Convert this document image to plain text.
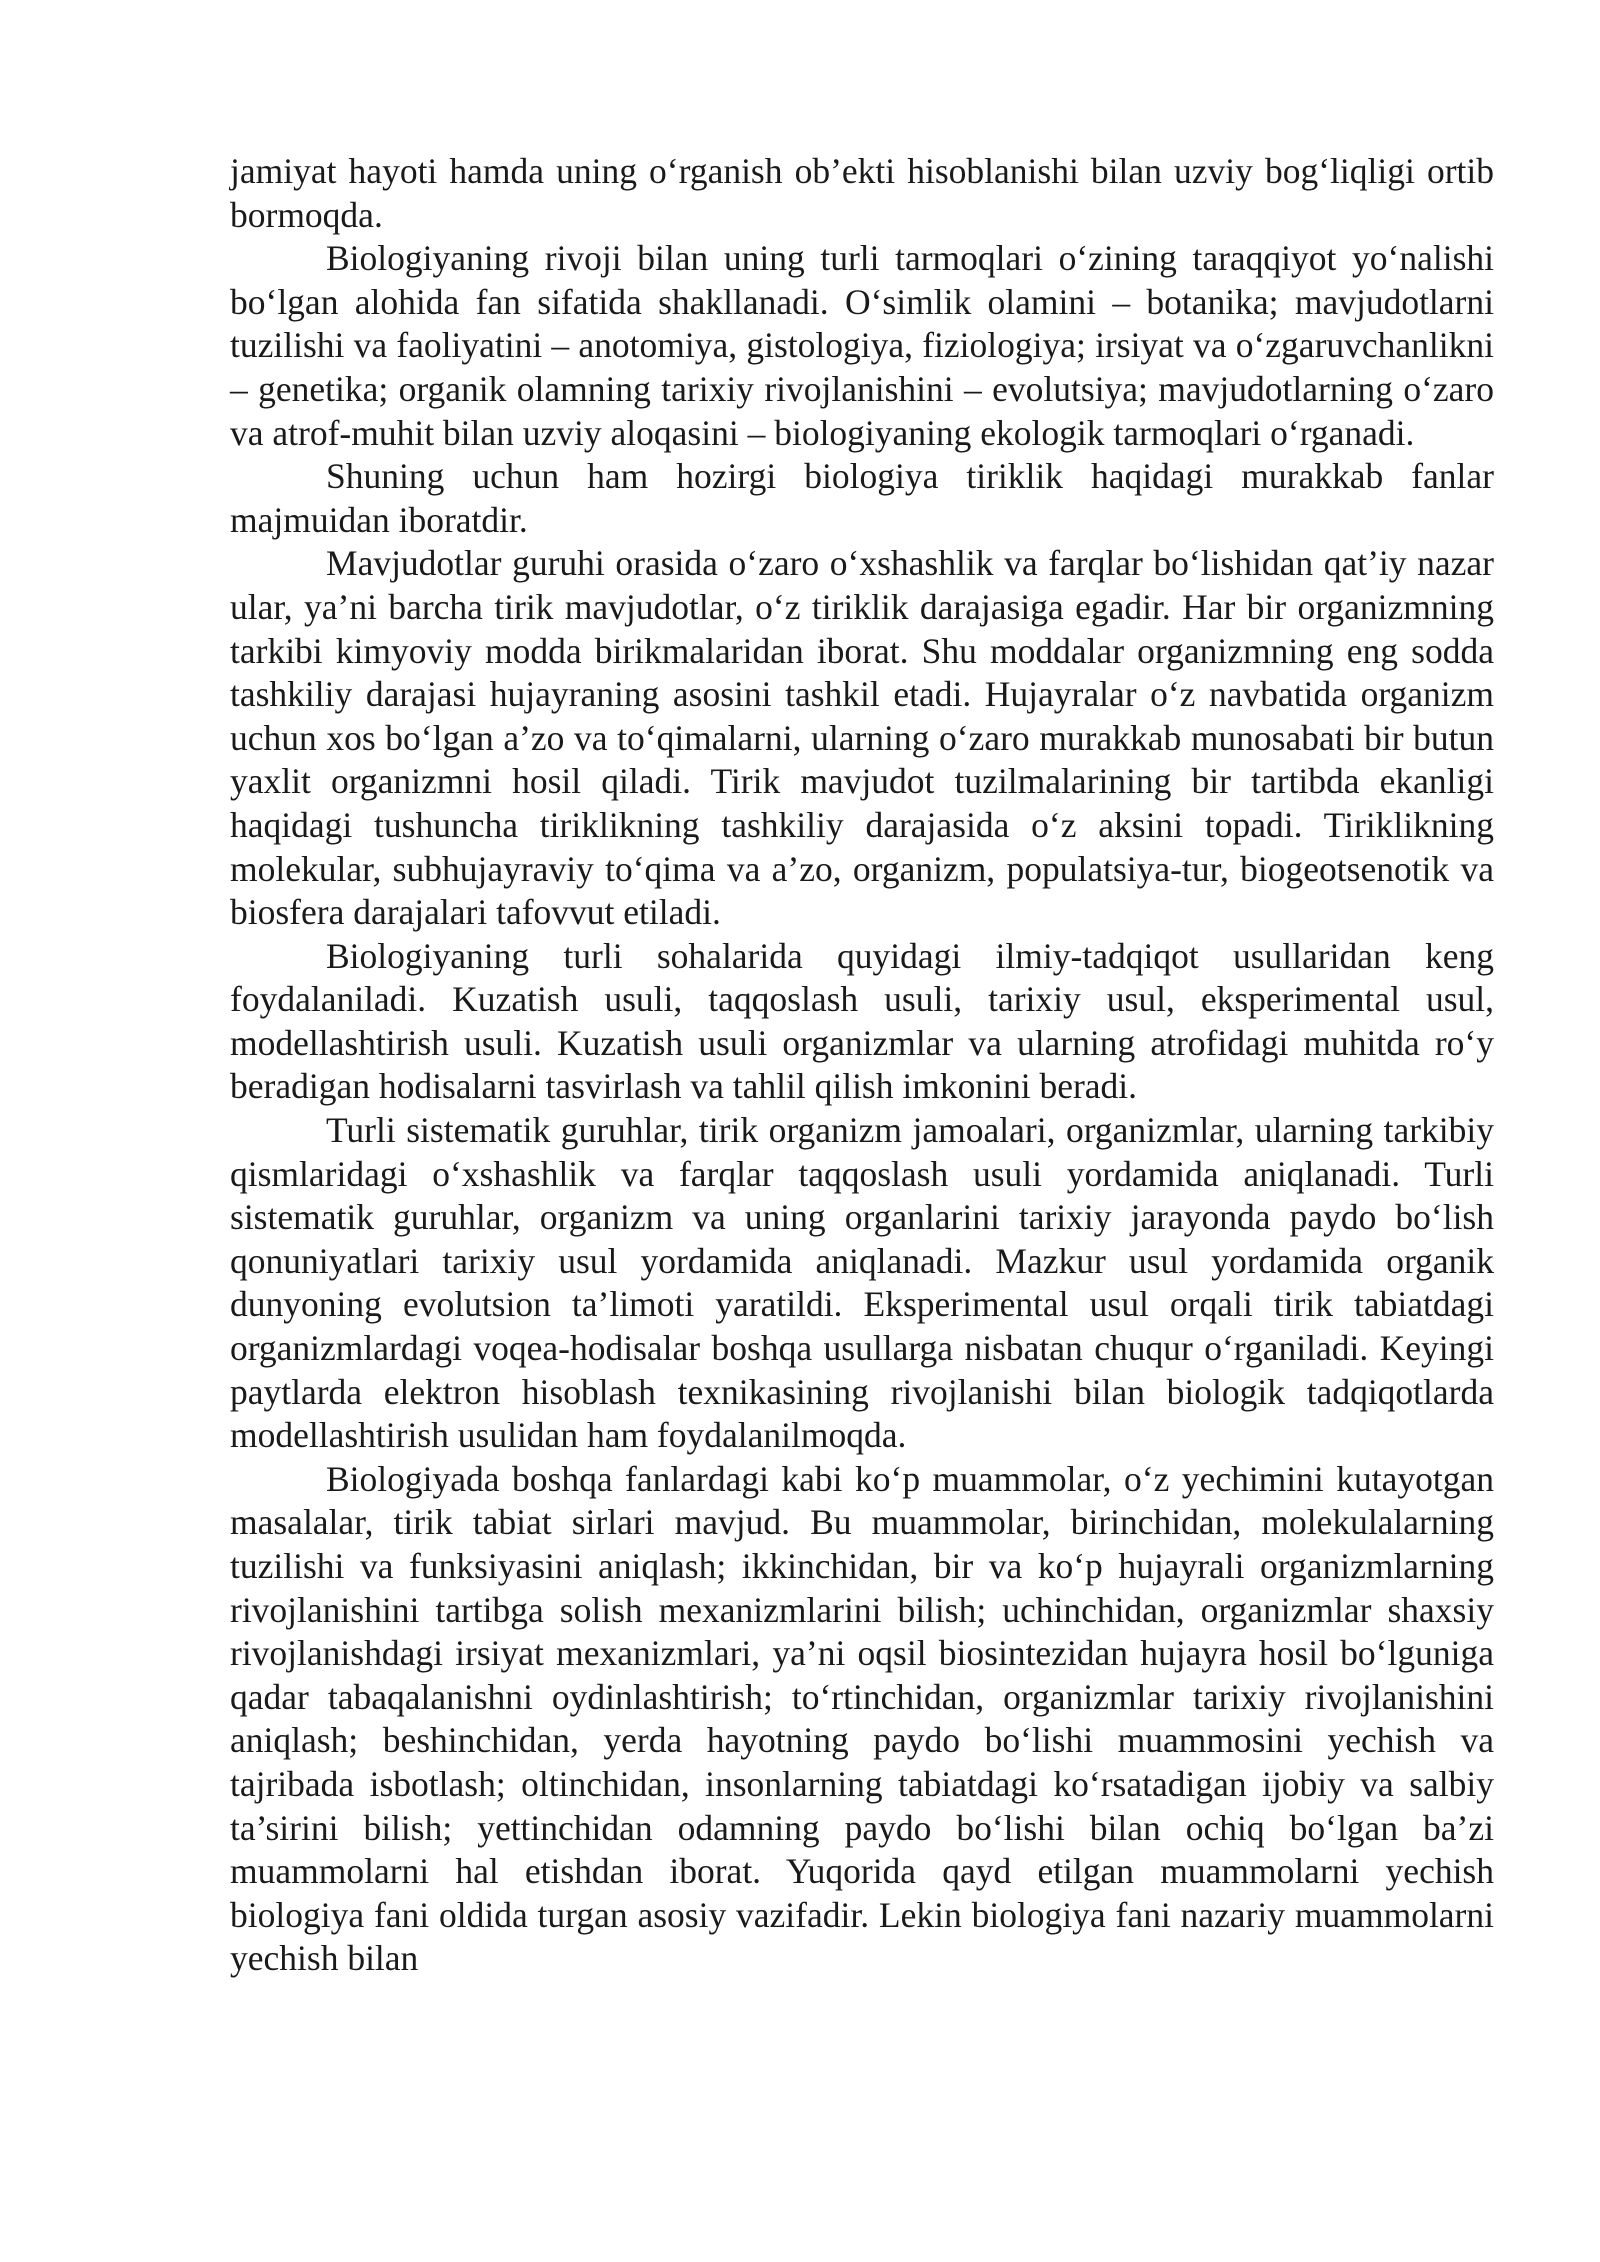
jamiyat hayoti hamda uning o‘rganish ob’ekti hisoblanishi bilan uzviy bog‘liqligi ortib bormoqda.

Biologiyaning rivoji bilan uning turli tarmoqlari o‘zining taraqqiyot yo‘nalishi bo‘lgan alohida fan sifatida shakllanadi. O‘simlik olamini – botanika; mavjudotlarni tuzilishi va faoliyatini – anotomiya, gistologiya, fiziologiya; irsiyat va o‘zgaruvchanlikni – genetika; organik olamning tarixiy rivojlanishini – evolutsiya; mavjudotlarning o‘zaro va atrof-muhit bilan uzviy aloqasini – biologiyaning ekologik tarmoqlari o‘rganadi.

Shuning uchun ham hozirgi biologiya tiriklik haqidagi murakkab fanlar majmuidan iboratdir.

Mavjudotlar guruhi orasida o‘zaro o‘xshashlik va farqlar bo‘lishidan qat’iy nazar ular, ya’ni barcha tirik mavjudotlar, o‘z tiriklik darajasiga egadir. Har bir organizmning tarkibi kimyoviy modda birikmalaridan iborat. Shu moddalar organizmning eng sodda tashkiliy darajasi hujayraning asosini tashkil etadi. Hujayralar o‘z navbatida organizm uchun xos bo‘lgan a’zo va to‘qimalarni, ularning o‘zaro murakkab munosabati bir butun yaxlit organizmni hosil qiladi. Tirik mavjudot tuzilmalarining bir tartibda ekanligi haqidagi tushuncha tiriklikning tashkiliy darajasida o‘z aksini topadi. Tiriklikning molekular, subhujayraviy to‘qima va a’zo, organizm, populatsiya-tur, biogeotsenotik va biosfera darajalari tafovvut etiladi.

Biologiyaning turli sohalarida quyidagi ilmiy-tadqiqot usullaridan keng foydalaniladi. Kuzatish usuli, taqqoslash usuli, tarixiy usul, eksperimental usul, modellashtirish usuli. Kuzatish usuli organizmlar va ularning atrofidagi muhitda ro‘y beradigan hodisalarni tasvirlash va tahlil qilish imkonini beradi.

Turli sistematik guruhlar, tirik organizm jamoalari, organizmlar, ularning tarkibiy qismlaridagi o‘xshashlik va farqlar taqqoslash usuli yordamida aniqlanadi. Turli sistematik guruhlar, organizm va uning organlarini tarixiy jarayonda paydo bo‘lish qonuniyatlari tarixiy usul yordamida aniqlanadi. Mazkur usul yordamida organik dunyoning evolutsion ta’limoti yaratildi. Eksperimental usul orqali tirik tabiatdagi organizmlardagi voqea-hodisalar boshqa usullarga nisbatan chuqur o‘rganiladi. Keyingi paytlarda elektron hisoblash texnikasining rivojlanishi bilan biologik tadqiqotlarda modellashtirish usulidan ham foydalanilmoqda.

Biologiyada boshqa fanlardagi kabi ko‘p muammolar, o‘z yechimini kutayotgan masalalar, tirik tabiat sirlari mavjud. Bu muammolar, birinchidan, molekulalarning tuzilishi va funksiyasini aniqlash; ikkinchidan, bir va ko‘p hujayrali organizmlarning rivojlanishini tartibga solish mexanizmlarini bilish; uchinchidan, organizmlar shaxsiy rivojlanishdagi irsiyat mexanizmlari, ya’ni oqsil biosintezidan hujayra hosil bo‘lguniga qadar tabaqalanishni oydinlashtirish; to‘rtinchidan, organizmlar tarixiy rivojlanishini aniqlash; beshinchidan, yerda hayotning paydo bo‘lishi muammosini yechish va tajribada isbotlash; oltinchidan, insonlarning tabiatdagi ko‘rsatadigan ijobiy va salbiy ta’sirini bilish; yettinchidan odamning paydo bo‘lishi bilan ochiq bo‘lgan ba’zi muammolarni hal etishdan iborat. Yuqorida qayd etilgan muammolarni yechish biologiya fani oldida turgan asosiy vazifadir. Lekin biologiya fani nazariy muammolarni yechish bilan
